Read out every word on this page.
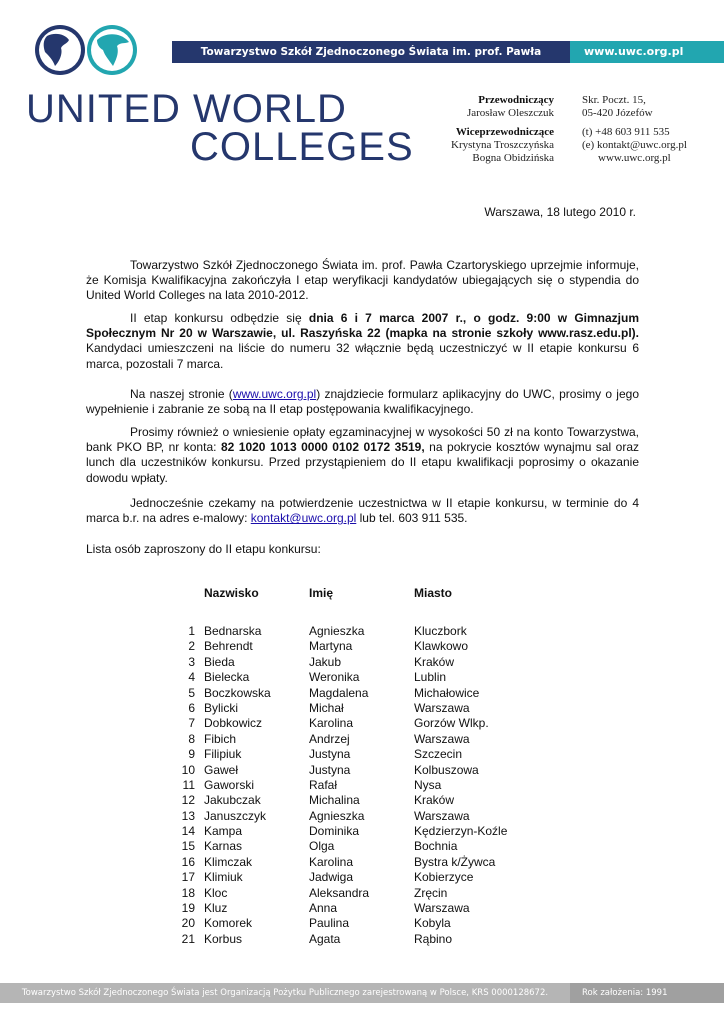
Towarzystwo Szkół Zjednoczonego Świata im. prof. Pawła Czartoryskiego
www.uwc.org.pl
UNITED WORLD
COLLEGES
Przewodniczący
Jarosław Oleszczuk
Wiceprzewodniczące
Krystyna Troszczyńska
Bogna Obidzińska
Skr. Poczt. 15,
05-420 Józefów
(t) +48 603 911 535
(e) kontakt@uwc.org.pl
www.uwc.org.pl
Warszawa, 18 lutego 2010 r.
Towarzystwo Szkół Zjednoczonego Świata im. prof. Pawła Czartoryskiego uprzejmie informuje, że Komisja Kwalifikacyjna zakończyła I etap weryfikacji kandydatów ubiegających się o stypendia do United World Colleges na lata 2010-2012.
II etap konkursu odbędzie się dnia 6 i 7 marca 2007 r., o godz. 9:00 w Gimnazjum Społecznym Nr 20 w Warszawie, ul. Raszyńska 22 (mapka na stronie szkoły www.rasz.edu.pl). Kandydaci umieszczeni na liście do numeru 32 włącznie będą uczestniczyć w II etapie konkursu 6 marca, pozostali 7 marca.
Na naszej stronie (www.uwc.org.pl) znajdziecie formularz aplikacyjny do UWC, prosimy o jego wypełnienie i zabranie ze sobą na II etap postępowania kwalifikacyjnego.
Prosimy również o wniesienie opłaty egzaminacyjnej w wysokości 50 zł na konto Towarzystwa, bank PKO BP, nr konta: 82 1020 1013 0000 0102 0172 3519, na pokrycie kosztów wynajmu sal oraz lunch dla uczestników konkursu. Przed przystąpieniem do II etapu kwalifikacji poprosimy o okazanie dowodu wpłaty.
Jednocześnie czekamy na potwierdzenie uczestnictwa w II etapie konkursu, w terminie do 4 marca b.r. na adres e-malowy: kontakt@uwc.org.pl lub tel. 603 911 535.
Lista osób zaproszony do II etapu konkursu:
Nazwisko	Imię	Miasto
1 Bednarska	Agnieszka	Kluczbork
2 Behrendt	Martyna	Klawkowo
3 Bieda	Jakub	Kraków
4 Bielecka	Weronika	Lublin
5 Boczkowska	Magdalena	Michałowice
6 Bylicki	Michał	Warszawa
7 Dobkowicz	Karolina	Gorzów Wlkp.
8 Fibich	Andrzej	Warszawa
9 Filipiuk	Justyna	Szczecin
10 Gaweł	Justyna	Kolbuszowa
11 Gaworski	Rafał	Nysa
12 Jakubczak	Michalina	Kraków
13 Januszczyk	Agnieszka	Warszawa
14 Kampa	Dominika	Kędzierzyn-Koźle
15 Karnas	Olga	Bochnia
16 Klimczak	Karolina	Bystra k/Żywca
17 Klimiuk	Jadwiga	Kobierzyce
18 Kloc	Aleksandra	Zręcin
19 Kluz	Anna	Warszawa
20 Komorek	Paulina	Kobyla
21 Korbus	Agata	Rąbino
Towarzystwo Szkół Zjednoczonego Świata jest Organizacją Pożytku Publicznego zarejestrowaną w Polsce, KRS 0000128672.	Rok założenia: 1991
